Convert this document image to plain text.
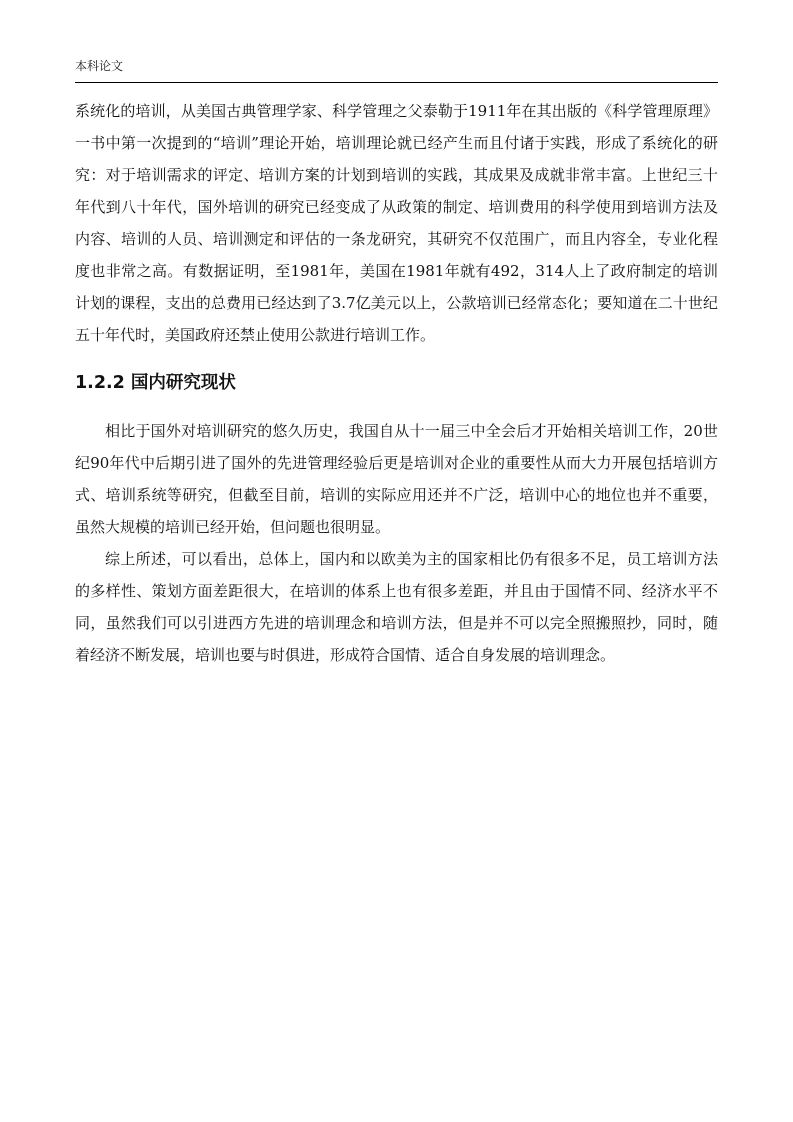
本科论文

系统化的培训，从美国古典管理学家、科学管理之父泰勒于1911年在其出版的《科学管理原理》一书中第一次提到的“培训”理论开始，培训理论就已经产生而且付诸于实践，形成了系统化的研究：对于培训需求的评定、培训方案的计划到培训的实践，其成果及成就非常丰富。上世纪三十年代到八十年代，国外培训的研究已经变成了从政策的制定、培训费用的科学使用到培训方法及内容、培训的人员、培训测定和评估的一条龙研究，其研究不仅范围广，而且内容全，专业化程度也非常之高。有数据证明，至1981年，美国在1981年就有492，314人上了政府制定的培训计划的课程，支出的总费用已经达到了3.7亿美元以上，公款培训已经常态化；要知道在二十世纪五十年代时，美国政府还禁止使用公款进行培训工作。

1.2.2 国内研究现状

相比于国外对培训研究的悠久历史，我国自从十一届三中全会后才开始相关培训工作，20世纪90年代中后期引进了国外的先进管理经验后更是培训对企业的重要性从而大力开展包括培训方式、培训系统等研究，但截至目前，培训的实际应用还并不广泛，培训中心的地位也并不重要，虽然大规模的培训已经开始，但问题也很明显。

综上所述，可以看出，总体上，国内和以欧美为主的国家相比仍有很多不足，员工培训方法的多样性、策划方面差距很大，在培训的体系上也有很多差距，并且由于国情不同、经济水平不同，虽然我们可以引进西方先进的培训理念和培训方法，但是并不可以完全照搬照抄，同时，随着经济不断发展，培训也要与时俱进，形成符合国情、适合自身发展的培训理念。
